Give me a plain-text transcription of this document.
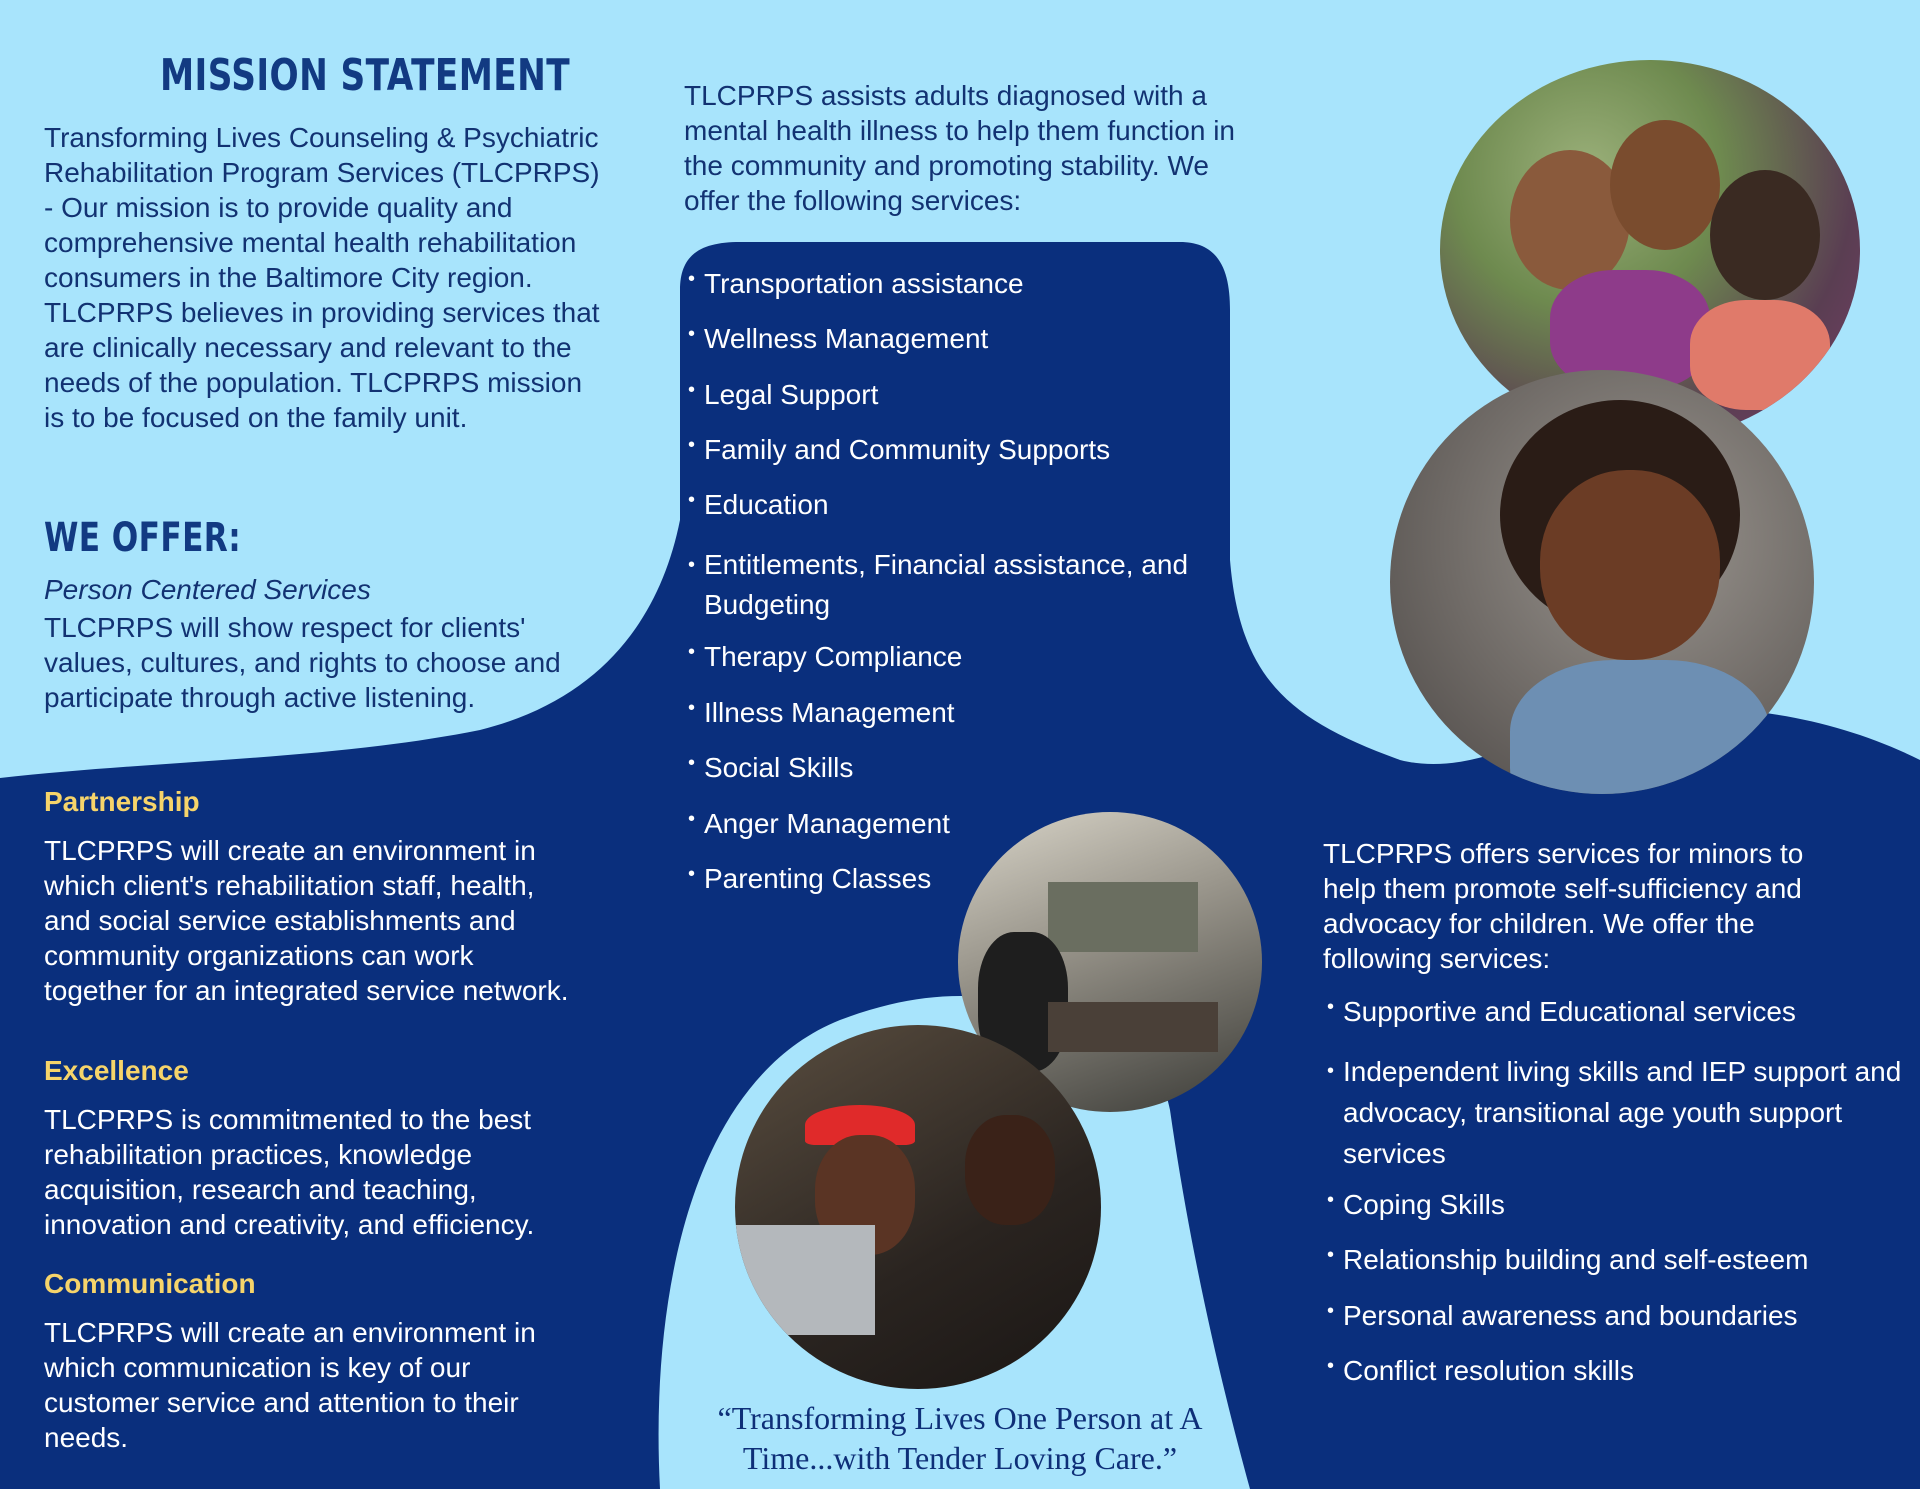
MISSION STATEMENT
Transforming Lives Counseling & Psychiatric Rehabilitation Program Services (TLCPRPS) - Our mission is to provide quality and comprehensive mental health rehabilitation consumers in the Baltimore City region. TLCPRPS believes in providing services that are clinically necessary and relevant to the needs of the population. TLCPRPS mission is to be focused on the family unit.
WE OFFER:
Person Centered Services
TLCPRPS will show respect for clients' values, cultures, and rights to choose and participate through active listening.
Partnership
TLCPRPS will create an environment in which client's rehabilitation staff, health, and social service establishments and community organizations can work together for an integrated service network.
Excellence
TLCPRPS is commitmented to the best rehabilitation practices, knowledge acquisition, research and teaching, innovation and creativity, and efficiency.
Communication
TLCPRPS will create an environment in which communication is key of our customer service and attention to their needs.
TLCPRPS assists adults diagnosed with a mental health illness to help them function in the community and promoting stability. We offer the following services:
• Transportation assistance
• Wellness Management
• Legal Support
• Family and Community Supports
• Education
• Entitlements, Financial assistance, and Budgeting
• Therapy Compliance
• Illness Management
• Social Skills
• Anger Management
• Parenting Classes
TLCPRPS offers services for minors to help them promote self-sufficiency and advocacy for children. We offer the following services:
• Supportive and Educational services
• Independent living skills and IEP support and advocacy, transitional age youth support services
• Coping Skills
• Relationship building and self-esteem
• Personal awareness and boundaries
• Conflict resolution skills
“Transforming Lives One Person at A Time...with Tender Loving Care.”
